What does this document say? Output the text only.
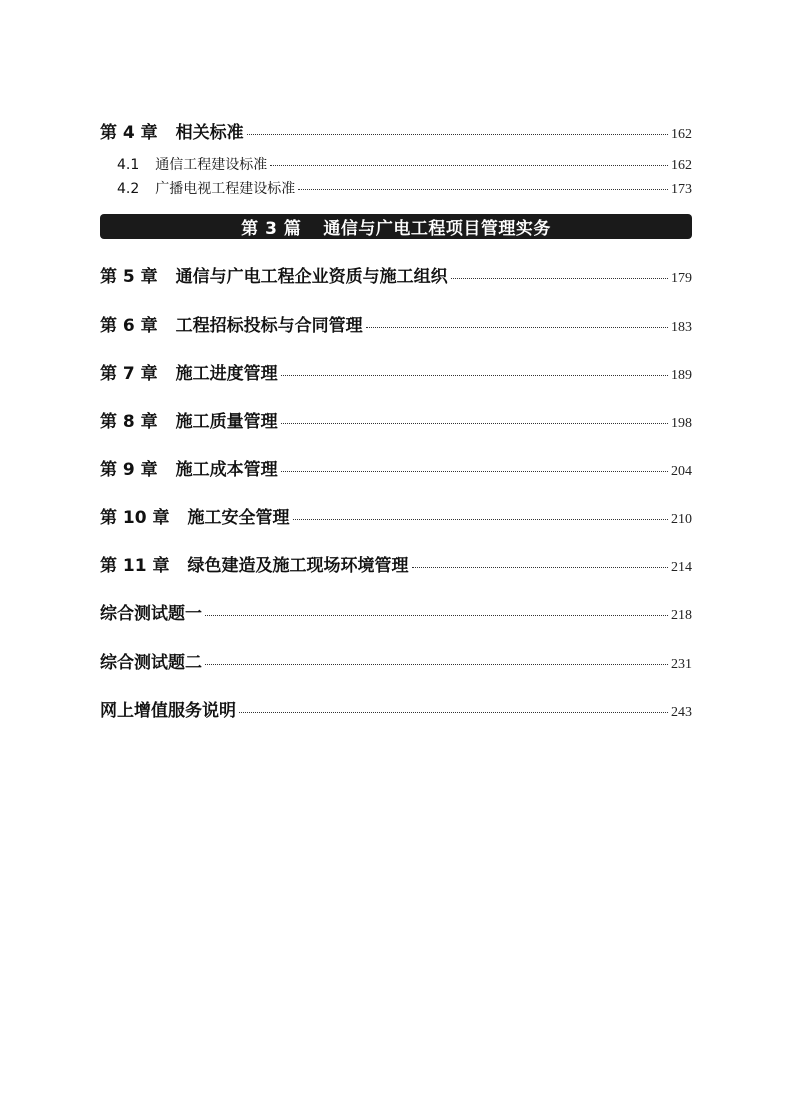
第 4 章 相关标准	162
4.1 通信工程建设标准	162
4.2 广播电视工程建设标准	173
第 3 篇 通信与广电工程项目管理实务
第 5 章 通信与广电工程企业资质与施工组织	179
第 6 章 工程招标投标与合同管理	183
第 7 章 施工进度管理	189
第 8 章 施工质量管理	198
第 9 章 施工成本管理	204
第 10 章 施工安全管理	210
第 11 章 绿色建造及施工现场环境管理	214
综合测试题一	218
综合测试题二	231
网上增值服务说明	243
